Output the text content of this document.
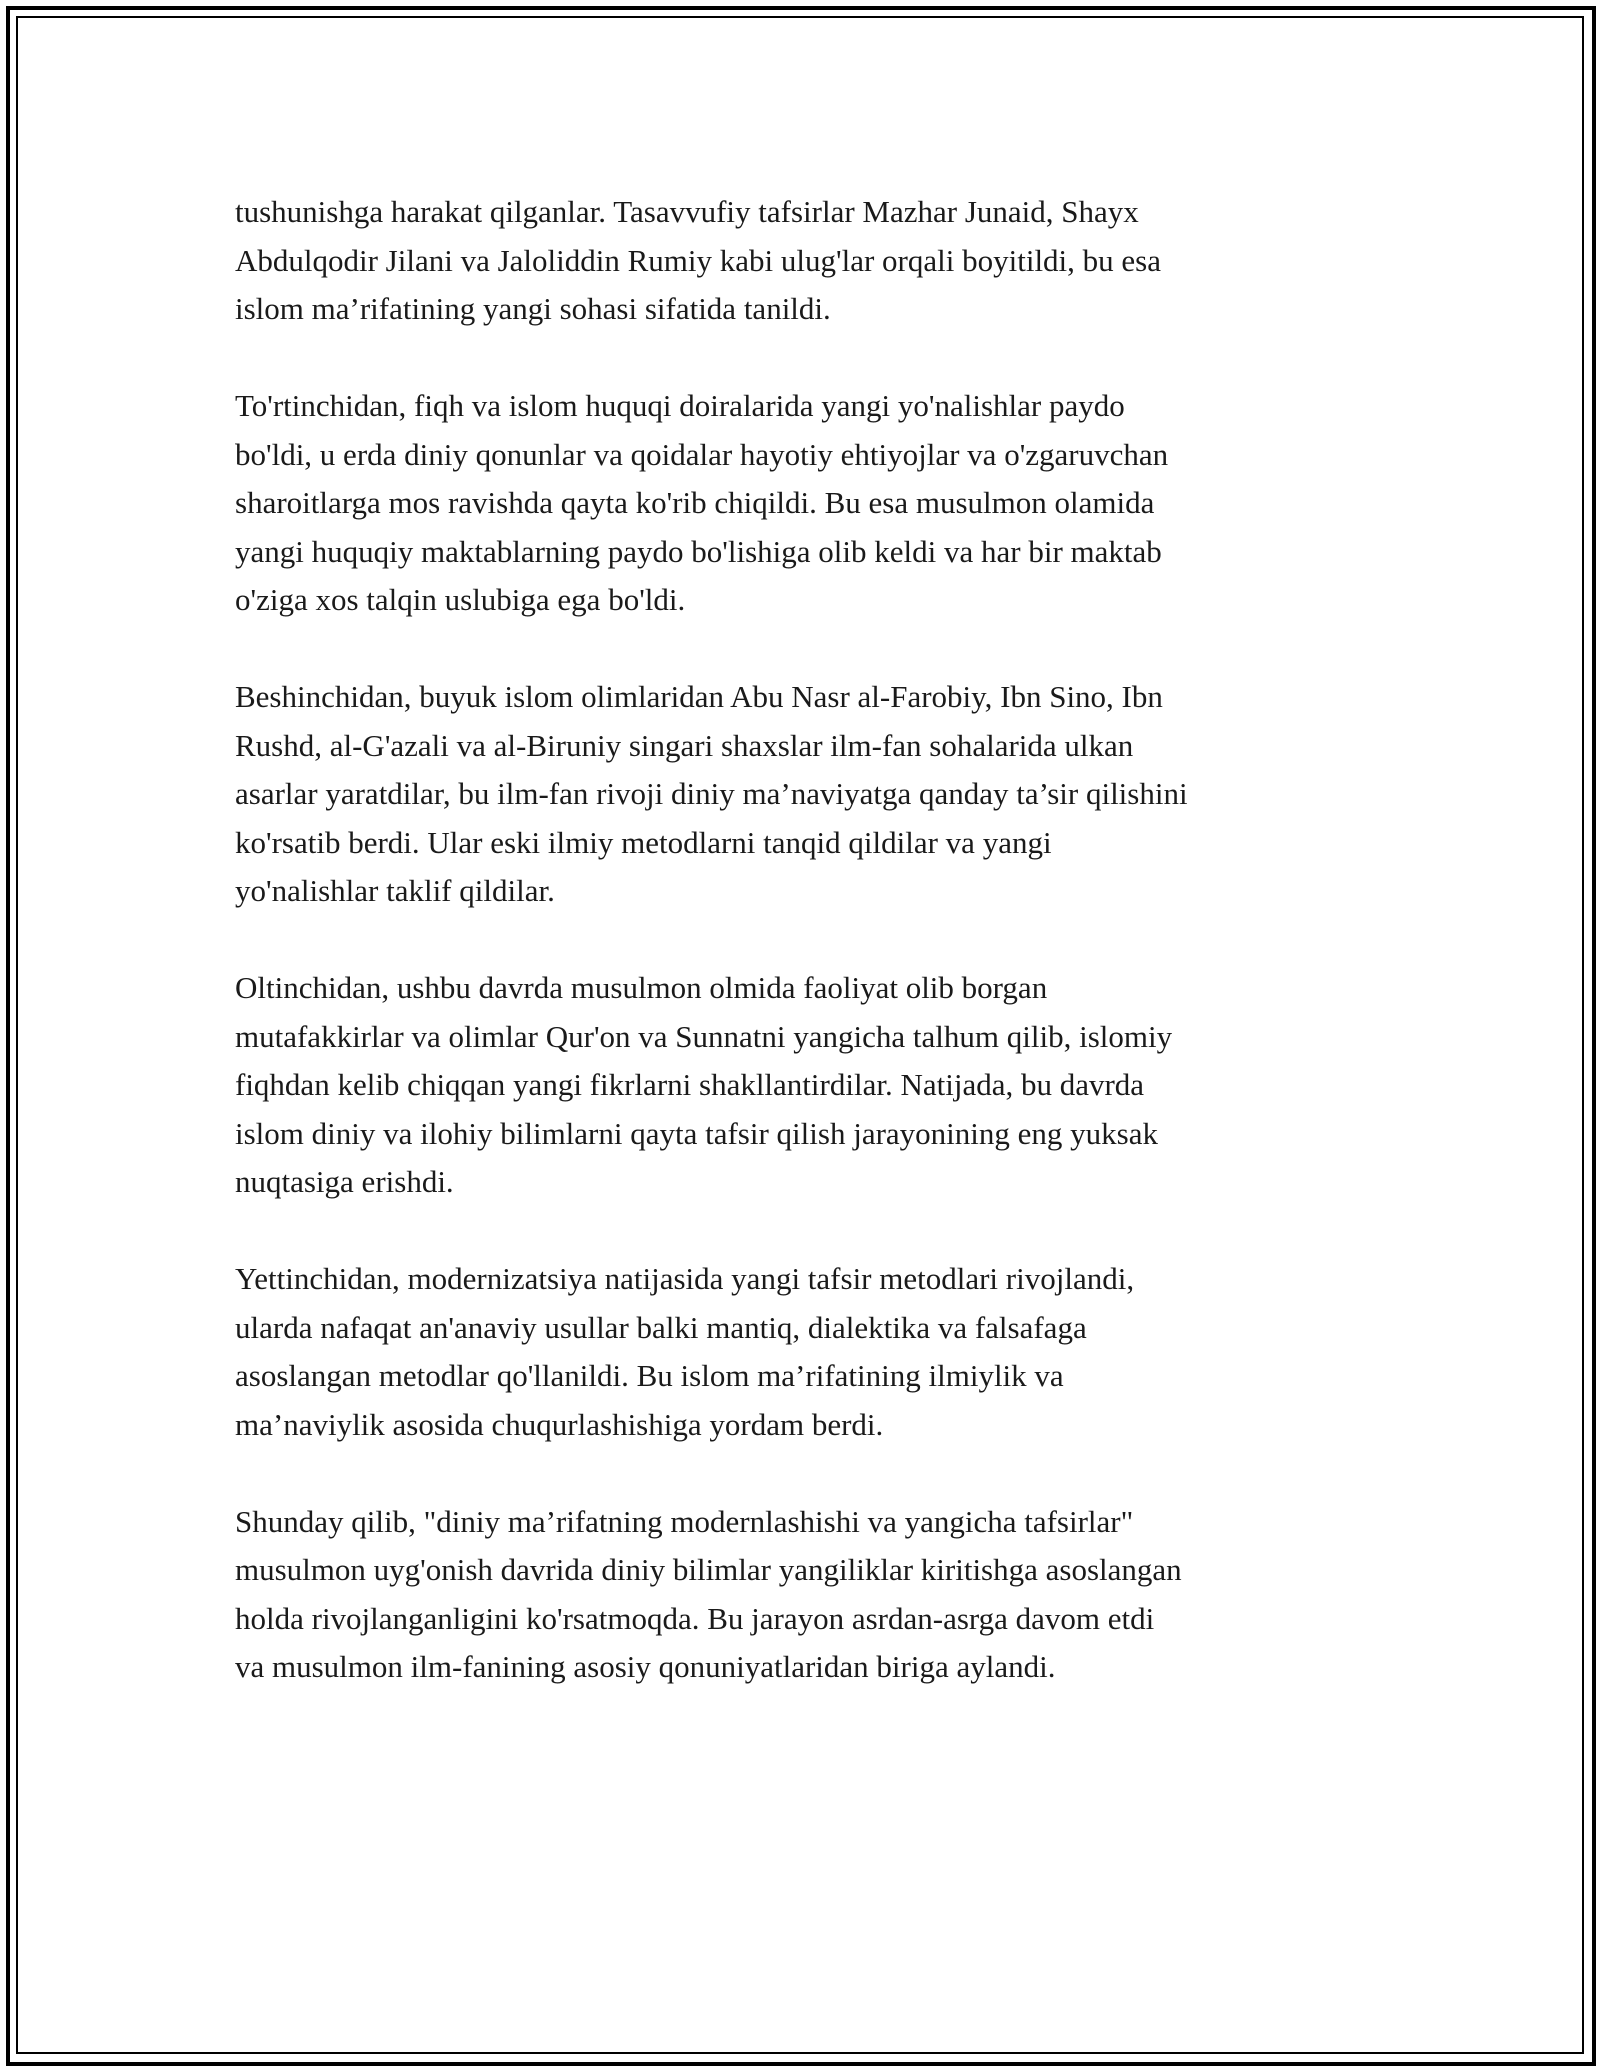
tushunishga harakat qilganlar. Tasavvufiy tafsirlar Mazhar Junaid, Shayx
Abdulqodir Jilani va Jaloliddin Rumiy kabi ulug'lar orqali boyitildi, bu esa
islom ma’rifatining yangi sohasi sifatida tanildi.

To'rtinchidan, fiqh va islom huquqi doiralarida yangi yo'nalishlar paydo
bo'ldi, u erda diniy qonunlar va qoidalar hayotiy ehtiyojlar va o'zgaruvchan
sharoitlarga mos ravishda qayta ko'rib chiqildi. Bu esa musulmon olamida
yangi huquqiy maktablarning paydo bo'lishiga olib keldi va har bir maktab
o'ziga xos talqin uslubiga ega bo'ldi.

Beshinchidan, buyuk islom olimlaridan Abu Nasr al-Farobiy, Ibn Sino, Ibn
Rushd, al-G'azali va al-Biruniy singari shaxslar ilm-fan sohalarida ulkan
asarlar yaratdilar, bu ilm-fan rivoji diniy ma’naviyatga qanday ta’sir qilishini
ko'rsatib berdi. Ular eski ilmiy metodlarni tanqid qildilar va yangi
yo'nalishlar taklif qildilar.

Oltinchidan, ushbu davrda musulmon olmida faoliyat olib borgan
mutafakkirlar va olimlar Qur'on va Sunnatni yangicha talhum qilib, islomiy
fiqhdan kelib chiqqan yangi fikrlarni shakllantirdilar. Natijada, bu davrda
islom diniy va ilohiy bilimlarni qayta tafsir qilish jarayonining eng yuksak
nuqtasiga erishdi.

Yettinchidan, modernizatsiya natijasida yangi tafsir metodlari rivojlandi,
ularda nafaqat an'anaviy usullar balki mantiq, dialektika va falsafaga
asoslangan metodlar qo'llanildi. Bu islom ma’rifatining ilmiylik va
ma’naviylik asosida chuqurlashishiga yordam berdi.

Shunday qilib, "diniy ma’rifatning modernlashishi va yangicha tafsirlar"
musulmon uyg'onish davrida diniy bilimlar yangiliklar kiritishga asoslangan
holda rivojlanganligini ko'rsatmoqda. Bu jarayon asrdan-asrga davom etdi
va musulmon ilm-fanining asosiy qonuniyatlaridan biriga aylandi.
